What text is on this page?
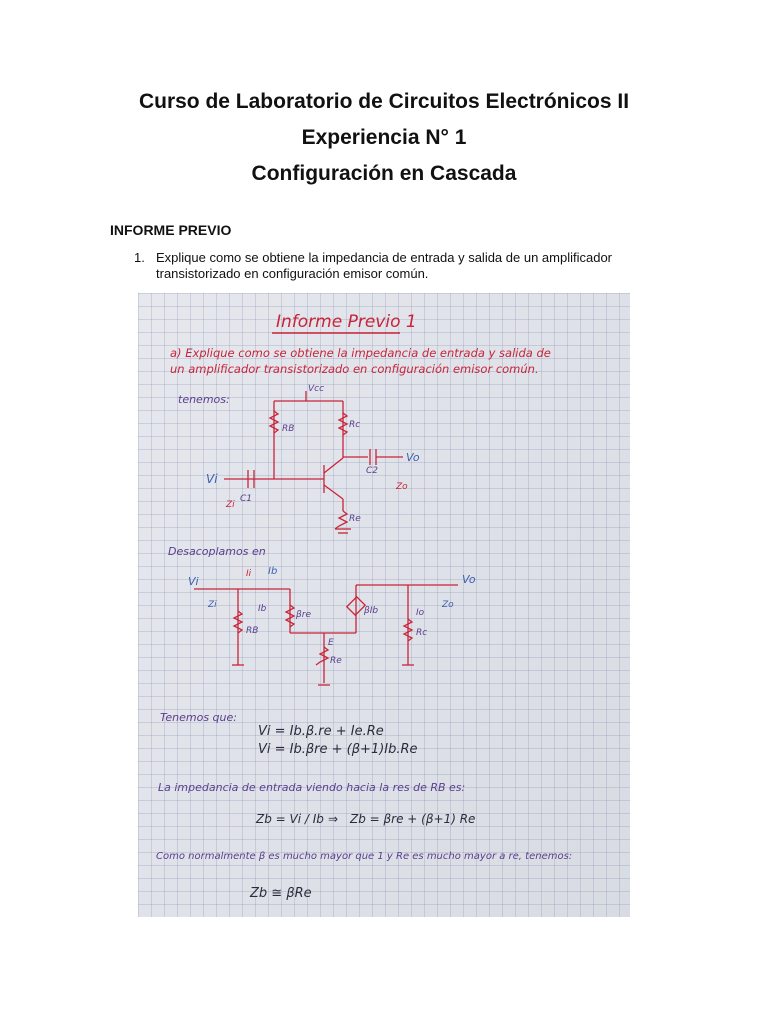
Curso de Laboratorio de Circuitos Electrónicos II

Experiencia N° 1

Configuración en Cascada

INFORME PREVIO

1. Explique como se obtiene la impedancia de entrada y salida de un amplificador transistorizado en configuración emisor común.
Informe Previo 1
a) Explique como se obtiene la impedancia de entrada y salida de
un amplificador transistorizado en configuración emisor común.
tenemos:
Vcc
RB	Rc
Vi
C1
C2
Vo
Zi
Zo
Re
Desacoplamos en
Vi
Ii Ib
Zi	Ib
RB
βre	βIb	Io
Rc
E
Re
Vo
Zo
Tenemos que:
Vi = Ib.β.re + Ie.Re
Vi = Ib.βre + (β+1)Ib.Re
La impedancia de entrada viendo hacia la res de RB es:
Zb = Vi / Ib ⇒ Zb = βre + (β+1) Re
Como normalmente β es mucho mayor que 1 y Re es mucho mayor a re, tenemos:
Zb ≅ βRe
